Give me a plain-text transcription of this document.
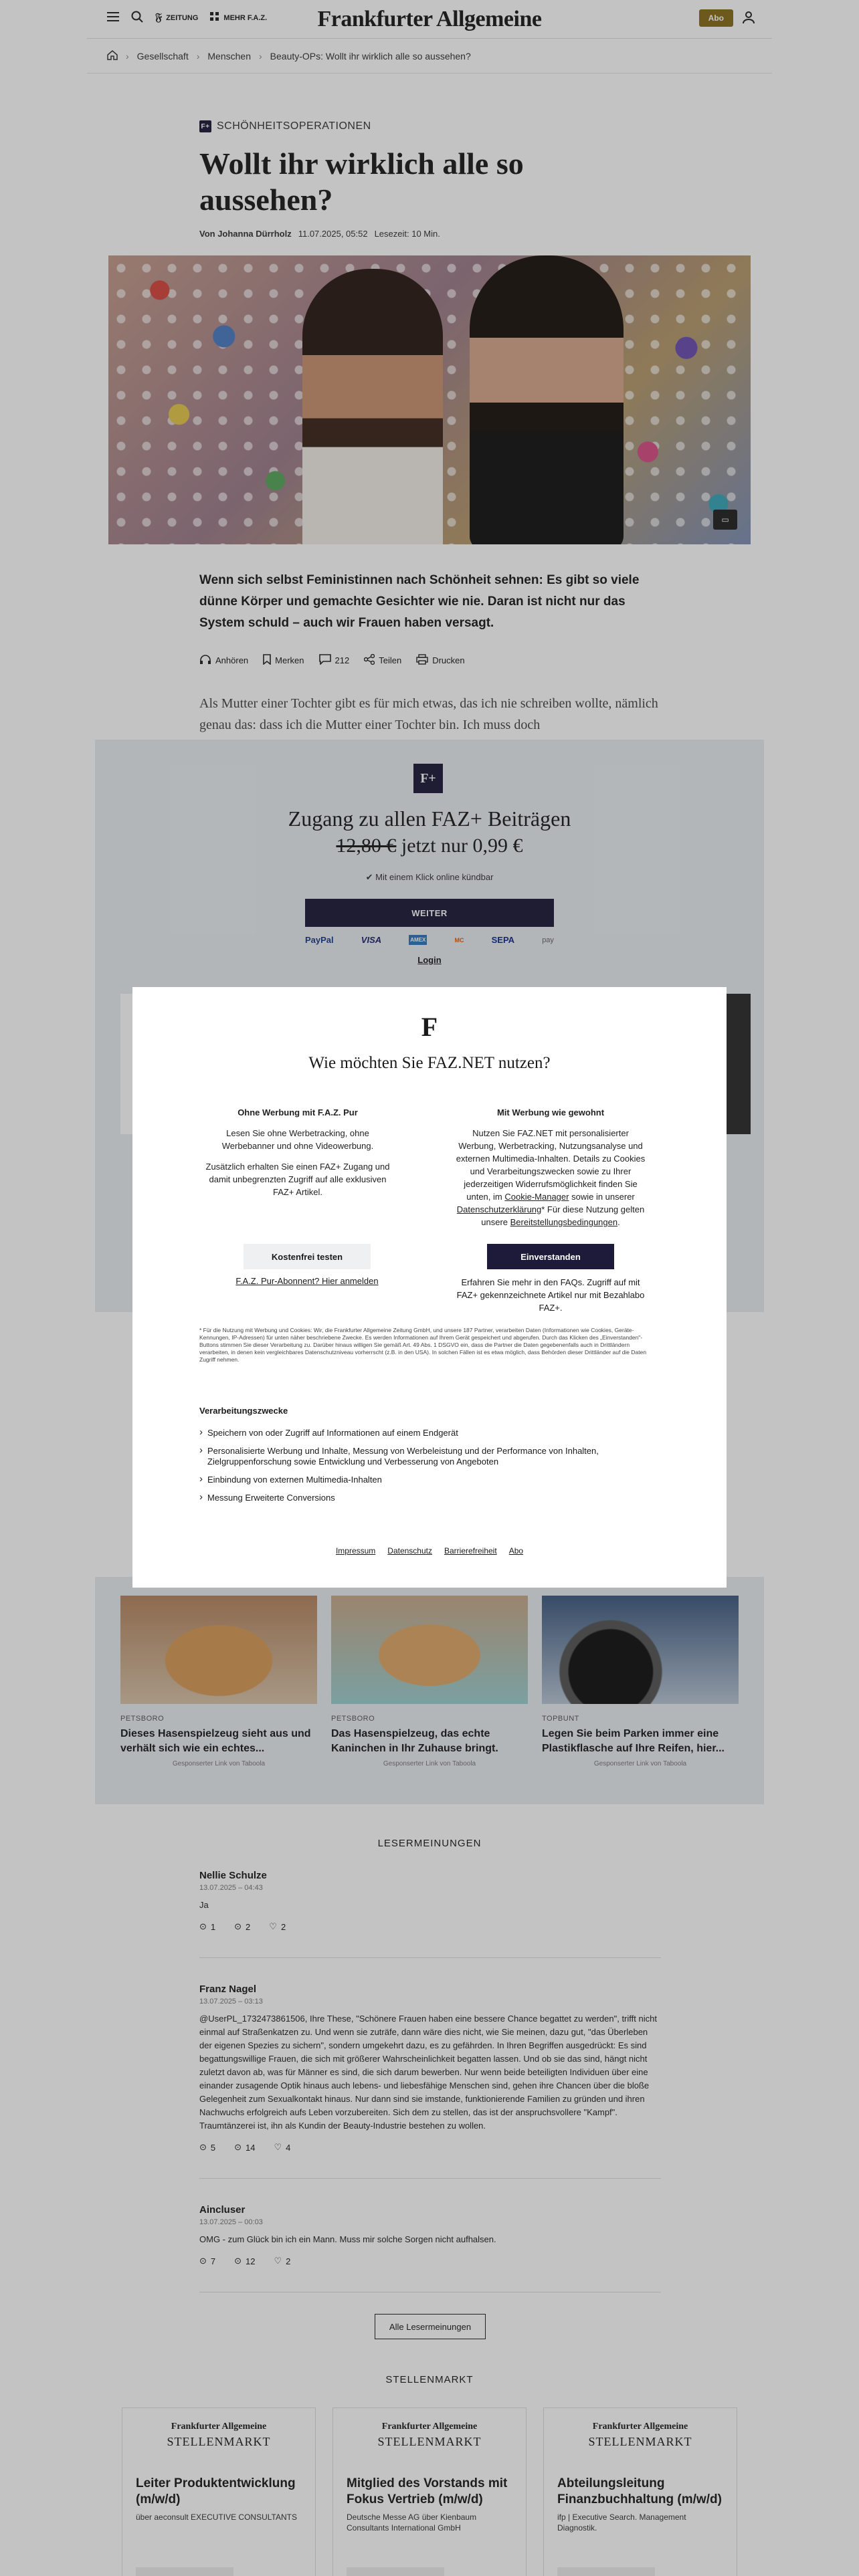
𝔉 ZEITUNG	MEHR F.A.Z.	Frankfurter Allgemeine	Abo
› Gesellschaft › Menschen › Beauty-OPs: Wollt ihr wirklich alle so aussehen?
F+ SCHÖNHEITSOPERATIONEN
Wollt ihr wirklich alle so aussehen?
Von Johanna Dürrholz 11.07.2025, 05:52 Lesezeit: 10 Min.
▭

Wenn sich selbst Feministinnen nach Schönheit sehnen: Es gibt so viele dünne Körper und gemachte Gesichter wie nie. Daran ist nicht nur das System schuld – auch wir Frauen haben versagt.

Anhören	Merken	212	Teilen	Drucken

Als Mutter einer Tochter gibt es für mich etwas, das ich nie schreiben wollte, nämlich genau das: dass ich die Mutter einer Tochter bin. Ich muss doch

F+
Zugang zu allen FAZ+ Beiträgen
12,80 € jetzt nur 0,99 €
✔ Mit einem Klick online kündbar
WEITER
PayPal	VISA	AMEX	MC	SEPA	pay
Login
PETSBORO
Dieses Hasenspielzeug sieht aus und verhält sich wie ein echtes...
Gesponserter Link von Taboola
PETSBORO
Das Hasenspielzeug, das echte Kaninchen in Ihr Zuhause bringt.
Gesponserter Link von Taboola
TOPBUNT
Legen Sie beim Parken immer eine Plastikflasche auf Ihre Reifen, hier...
Gesponserter Link von Taboola
LESERMEINUNGEN
Nellie Schulze
13.07.2025 – 04:43
Ja
⊙ 1 ⊙ 2 ♡ 2
Franz Nagel
13.07.2025 – 03:13
@UserPL_1732473861506, Ihre These, "Schönere Frauen haben eine bessere Chance begattet zu werden", trifft nicht einmal auf Straßenkatzen zu. Und wenn sie zuträfe, dann wäre dies nicht, wie Sie meinen, dazu gut, "das Überleben der eigenen Spezies zu sichern", sondern umgekehrt dazu, es zu gefährden. In Ihren Begriffen ausgedrückt: Es sind begattungswillige Frauen, die sich mit größerer Wahrscheinlichkeit begatten lassen. Und ob sie das sind, hängt nicht zuletzt davon ab, was für Männer es sind, die sich darum bewerben. Nur wenn beide beteiligten Individuen über eine einander zusagende Optik hinaus auch lebens- und liebesfähige Menschen sind, gehen ihre Chancen über die bloße Gelegenheit zum Sexualkontakt hinaus. Nur dann sind sie imstande, funktionierende Familien zu gründen und ihren Nachwuchs erfolgreich aufs Leben vorzubereiten. Sich dem zu stellen, das ist der anspruchsvollere "Kampf". Traumtänzerei ist, ihn als Kundin der Beauty-Industrie bestehen zu wollen.
⊙ 5 ⊙ 14 ♡ 4
Aincluser
13.07.2025 – 00:03
OMG - zum Glück bin ich ein Mann. Muss mir solche Sorgen nicht aufhalsen.
⊙ 7 ⊙ 12 ♡ 2
Alle Lesermeinungen
STELLENMARKT
Frankfurter Allgemeine
STELLENMARKT
Leiter Produktentwicklung (m/w/d)
über aeconsult EXECUTIVE CONSULTANTS
Frankfurter Allgemeine
STELLENMARKT
Mitglied des Vorstands mit Fokus Vertrieb (m/w/d)
Deutsche Messe AG über Kienbaum Consultants International GmbH
Frankfurter Allgemeine
STELLENMARKT
Abteilungsleitung Finanzbuchhaltung (m/w/d)
ifp | Executive Search. Management Diagnostik.
F
Wie möchten Sie FAZ.NET nutzen?
Ohne Werbung mit F.A.Z. Pur

Lesen Sie ohne Werbetracking, ohne Werbebanner und ohne Videowerbung.

Zusätzlich erhalten Sie einen FAZ+ Zugang und damit unbegrenzten Zugriff auf alle exklusiven FAZ+ Artikel.

Mit Werbung wie gewohnt

Nutzen Sie FAZ.NET mit personalisierter Werbung, Werbetracking, Nutzungsanalyse und externen Multimedia-Inhalten. Details zu Cookies und Verarbeitungszwecken sowie zu Ihrer jederzeitigen Widerrufsmöglichkeit finden Sie unten, im Cookie-Manager sowie in unserer Datenschutzerklärung* Für diese Nutzung gelten unsere Bereitstellungsbedingungen.

Kostenfrei testen	Einverstanden
F.A.Z. Pur-Abonnent? Hier anmelden	Erfahren Sie mehr in den FAQs. Zugriff auf mit FAZ+ gekennzeichnete Artikel nur mit Bezahlabo FAZ+.
* Für die Nutzung mit Werbung und Cookies: Wir, die Frankfurter Allgemeine Zeitung GmbH, und unsere 187 Partner, verarbeiten Daten (Informationen wie Cookies, Geräte-Kennungen, IP-Adressen) für unten näher beschriebene Zwecke. Es werden Informationen auf Ihrem Gerät gespeichert und abgerufen. Durch das Klicken des „Einverstanden"-Buttons stimmen Sie dieser Verarbeitung zu. Darüber hinaus willigen Sie gemäß Art. 49 Abs. 1 DSGVO ein, dass die Partner die Daten gegebenenfalls auch in Drittländern verarbeiten, in denen kein vergleichbares Datenschutzniveau vorherrscht (z.B. in den USA). In solchen Fällen ist es etwa möglich, dass Behörden dieser Drittländer auf die Daten Zugriff nehmen.
Verarbeitungszwecke
› Speichern von oder Zugriff auf Informationen auf einem Endgerät
› Personalisierte Werbung und Inhalte, Messung von Werbeleistung und der Performance von Inhalten, Zielgruppenforschung sowie Entwicklung und Verbesserung von Angeboten
› Einbindung von externen Multimedia-Inhalten
› Messung Erweiterte Conversions
Impressum Datenschutz Barrierefreiheit Abo
